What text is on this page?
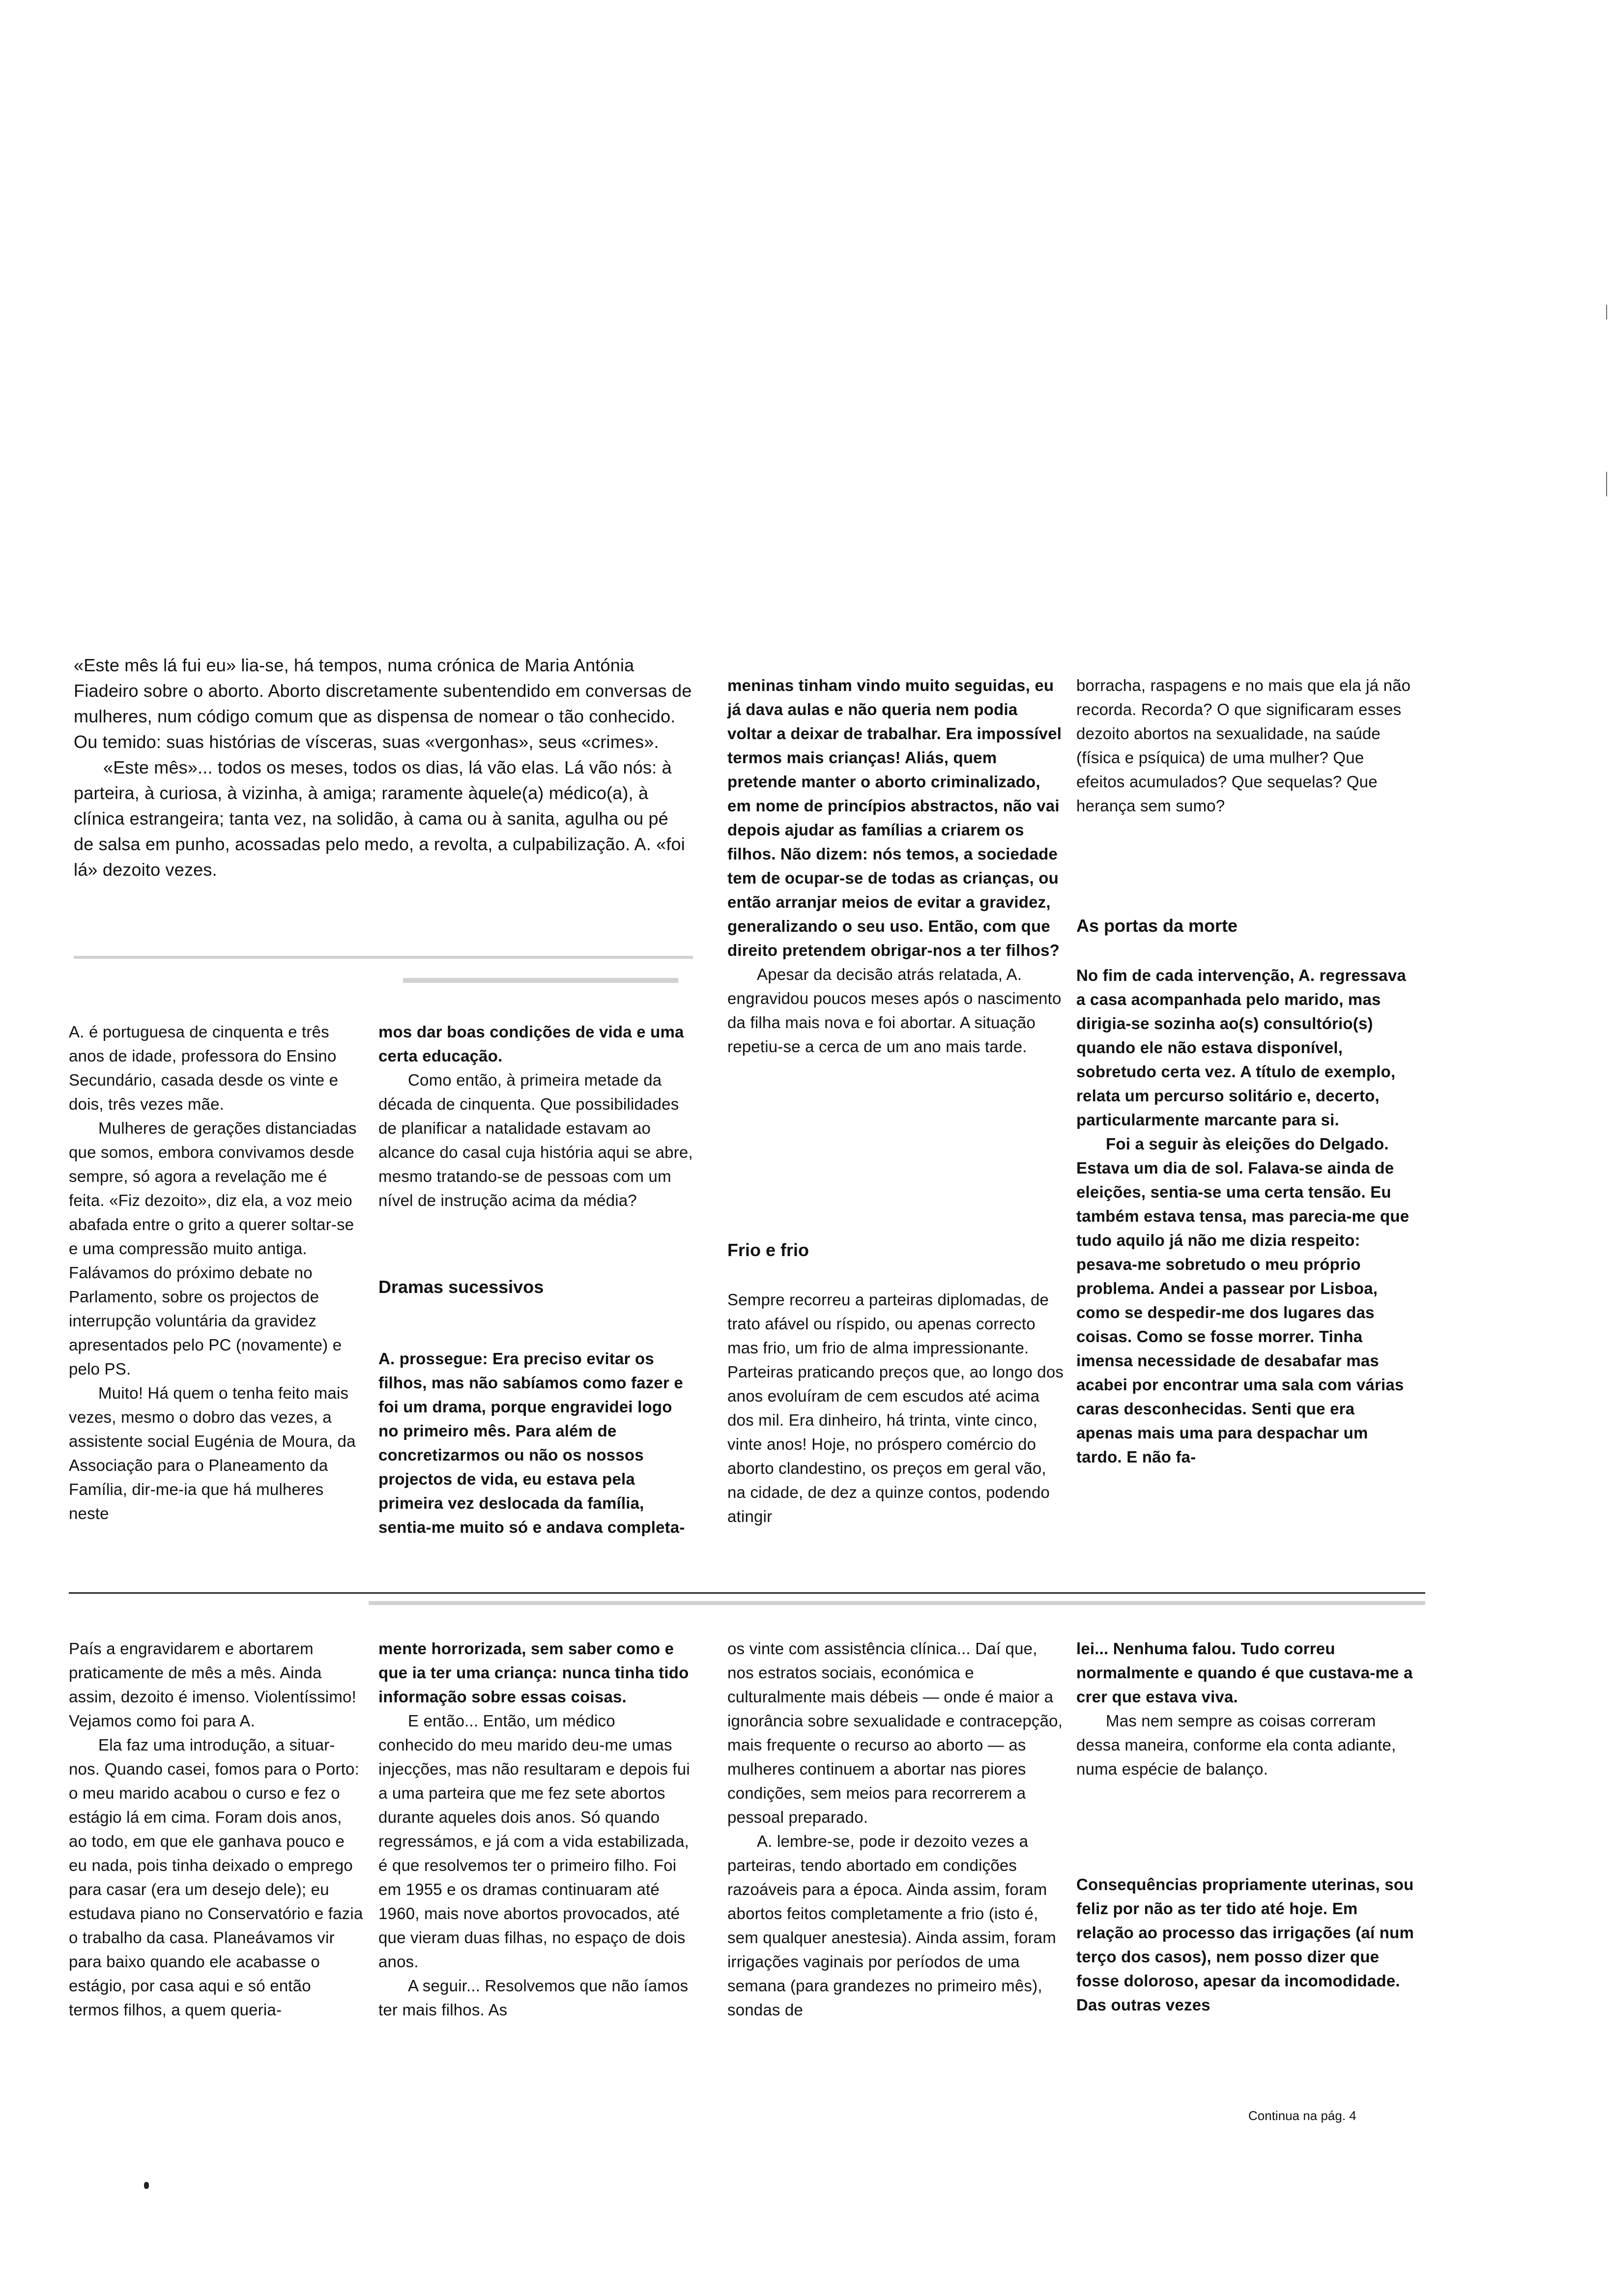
«Este mês lá fui eu» lia-se, há tempos, numa crónica de Maria Antónia Fiadeiro sobre o aborto. Aborto discretamente subentendido em conversas de mulheres, num código comum que as dispensa de nomear o tão conhecido. Ou temido: suas histórias de vísceras, suas «vergonhas», seus «crimes».

«Este mês»... todos os meses, todos os dias, lá vão elas. Lá vão nós: à parteira, à curiosa, à vizinha, à amiga; raramente àquele(a) médico(a), à clínica estrangeira; tanta vez, na solidão, à cama ou à sanita, agulha ou pé de salsa em punho, acossadas pelo medo, a revolta, a culpabilização. A. «foi lá» dezoito vezes.

A. é portuguesa de cinquenta e três anos de idade, professora do Ensino Secundário, casada desde os vinte e dois, três vezes mãe.

Mulheres de gerações distanciadas que somos, embora convivamos desde sempre, só agora a revelação me é feita. «Fiz dezoito», diz ela, a voz meio abafada entre o grito a querer soltar-se e uma compressão muito antiga. Falávamos do próximo debate no Parlamento, sobre os projectos de interrupção voluntária da gravidez apresentados pelo PC (novamente) e pelo PS.

Muito! Há quem o tenha feito mais vezes, mesmo o dobro das vezes, a assistente social Eugénia de Moura, da Associação para o Planeamento da Família, dir-me-ia que há mulheres neste

mos dar boas condições de vida e uma certa educação.

Como então, à primeira metade da década de cinquenta. Que possibilidades de planificar a natalidade estavam ao alcance do casal cuja história aqui se abre, mesmo tratando-se de pessoas com um nível de instrução acima da média?

Dramas sucessivos

A. prossegue: Era preciso evitar os filhos, mas não sabíamos como fazer e foi um drama, porque engravidei logo no primeiro mês. Para além de concretizarmos ou não os nossos projectos de vida, eu estava pela primeira vez deslocada da família, sentia-me muito só e andava completa-

meninas tinham vindo muito seguidas, eu já dava aulas e não queria nem podia voltar a deixar de trabalhar. Era impossível termos mais crianças! Aliás, quem pretende manter o aborto criminalizado, em nome de princípios abstractos, não vai depois ajudar as famílias a criarem os filhos. Não dizem: nós temos, a sociedade tem de ocupar-se de todas as crianças, ou então arranjar meios de evitar a gravidez, generalizando o seu uso. Então, com que direito pretendem obrigar-nos a ter filhos?

Apesar da decisão atrás relatada, A. engravidou poucos meses após o nascimento da filha mais nova e foi abortar. A situação repetiu-se a cerca de um ano mais tarde.

Frio e frio

Sempre recorreu a parteiras diplomadas, de trato afável ou ríspido, ou apenas correcto mas frio, um frio de alma impressionante. Parteiras praticando preços que, ao longo dos anos evoluíram de cem escudos até acima dos mil. Era dinheiro, há trinta, vinte cinco, vinte anos! Hoje, no próspero comércio do aborto clandestino, os preços em geral vão, na cidade, de dez a quinze contos, podendo atingir

borracha, raspagens e no mais que ela já não recorda. Recorda? O que significaram esses dezoito abortos na sexualidade, na saúde (física e psíquica) de uma mulher? Que efeitos acumulados? Que sequelas? Que herança sem sumo?

As portas da morte

No fim de cada intervenção, A. regressava a casa acompanhada pelo marido, mas dirigia-se sozinha ao(s) consultório(s) quando ele não estava disponível, sobretudo certa vez. A título de exemplo, relata um percurso solitário e, decerto, particularmente marcante para si.

Foi a seguir às eleições do Delgado. Estava um dia de sol. Falava-se ainda de eleições, sentia-se uma certa tensão. Eu também estava tensa, mas parecia-me que tudo aquilo já não me dizia respeito: pesava-me sobretudo o meu próprio problema. Andei a passear por Lisboa, como se despedir-me dos lugares das coisas. Como se fosse morrer. Tinha imensa necessidade de desabafar mas acabei por encontrar uma sala com várias caras desconhecidas. Senti que era apenas mais uma para despachar um tardo. E não fa-

País a engravidarem e abortarem praticamente de mês a mês. Ainda assim, dezoito é imenso. Violentíssimo! Vejamos como foi para A.

Ela faz uma introdução, a situar-nos. Quando casei, fomos para o Porto: o meu marido acabou o curso e fez o estágio lá em cima. Foram dois anos, ao todo, em que ele ganhava pouco e eu nada, pois tinha deixado o emprego para casar (era um desejo dele); eu estudava piano no Conservatório e fazia o trabalho da casa. Planeávamos vir para baixo quando ele acabasse o estágio, por casa aqui e só então termos filhos, a quem queria-

mente horrorizada, sem saber como e que ia ter uma criança: nunca tinha tido informação sobre essas coisas.

E então... Então, um médico conhecido do meu marido deu-me umas injecções, mas não resultaram e depois fui a uma parteira que me fez sete abortos durante aqueles dois anos. Só quando regressámos, e já com a vida estabilizada, é que resolvemos ter o primeiro filho. Foi em 1955 e os dramas continuaram até 1960, mais nove abortos provocados, até que vieram duas filhas, no espaço de dois anos.

A seguir... Resolvemos que não íamos ter mais filhos. As

os vinte com assistência clínica... Daí que, nos estratos sociais, económica e culturalmente mais débeis — onde é maior a ignorância sobre sexualidade e contracepção, mais frequente o recurso ao aborto — as mulheres continuem a abortar nas piores condições, sem meios para recorrerem a pessoal preparado.

A. lembre-se, pode ir dezoito vezes a parteiras, tendo abortado em condições razoáveis para a época. Ainda assim, foram abortos feitos completamente a frio (isto é, sem qualquer anestesia). Ainda assim, foram irrigações vaginais por períodos de uma semana (para grandezes no primeiro mês), sondas de

lei... Nenhuma falou. Tudo correu normalmente e quando é que custava-me a crer que estava viva.

Mas nem sempre as coisas correram dessa maneira, conforme ela conta adiante, numa espécie de balanço.

Consequências propriamente uterinas, sou feliz por não as ter tido até hoje. Em relação ao processo das irrigações (aí num terço dos casos), nem posso dizer que fosse doloroso, apesar da incomodidade. Das outras vezes

Continua na pág. 4
